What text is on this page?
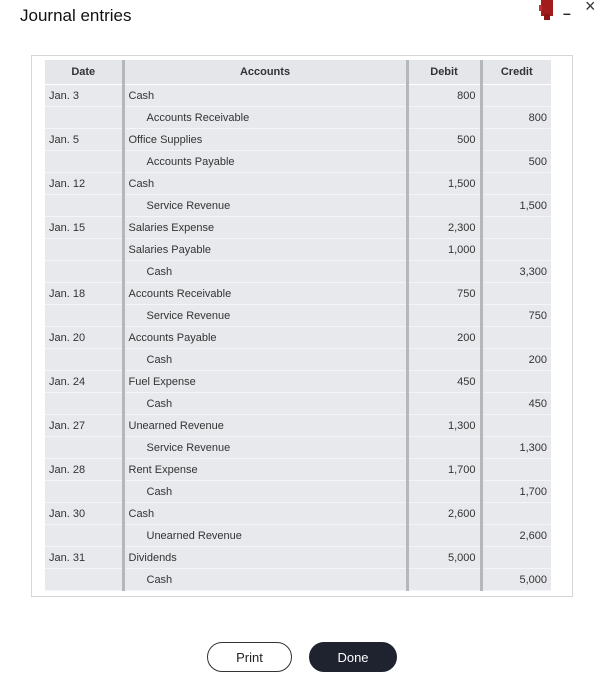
Journal entries	– ×
Date	Accounts	Debit	Credit
Jan. 3	Cash	800	
	Accounts Receivable		800
Jan. 5	Office Supplies	500	
	Accounts Payable		500
Jan. 12	Cash	1,500	
	Service Revenue		1,500
Jan. 15	Salaries Expense	2,300	
	Salaries Payable	1,000	
	Cash		3,300
Jan. 18	Accounts Receivable	750	
	Service Revenue		750
Jan. 20	Accounts Payable	200	
	Cash		200
Jan. 24	Fuel Expense	450	
	Cash		450
Jan. 27	Unearned Revenue	1,300	
	Service Revenue		1,300
Jan. 28	Rent Expense	1,700	
	Cash		1,700
Jan. 30	Cash	2,600	
	Unearned Revenue		2,600
Jan. 31	Dividends	5,000	
	Cash		5,000
Print	Done
